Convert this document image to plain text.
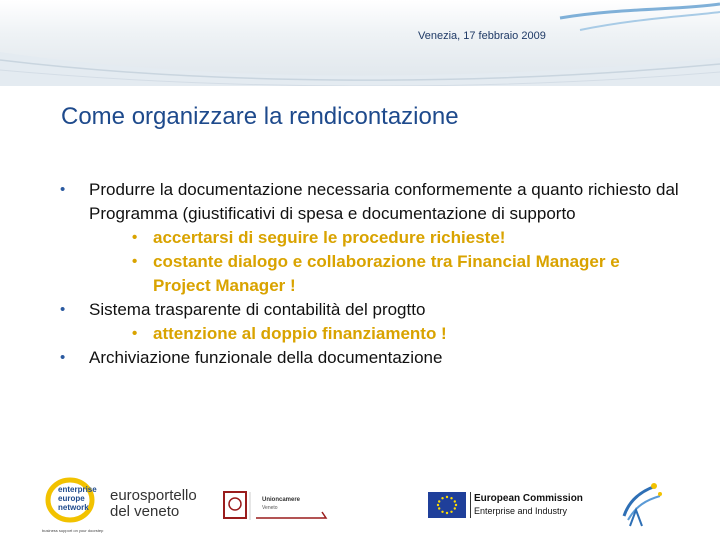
Venezia, 17 febbraio 2009
Come organizzare la rendicontazione
• Produrre la documentazione necessaria conformemente a quanto richiesto dal Programma (giustificativi di spesa e documentazione di supporto
• accertarsi di seguire le procedure richieste!
• costante dialogo e collaborazione tra Financial Manager e Project Manager !
• Sistema trasparente di contabilità del progtto
• attenzione al doppio finanziamento !
• Archiviazione funzionale della documentazione
enterprise
europe
network
business support on your doorstep
eurosportello
del veneto
Unioncamere
Veneto
European Commission
Enterprise and Industry
